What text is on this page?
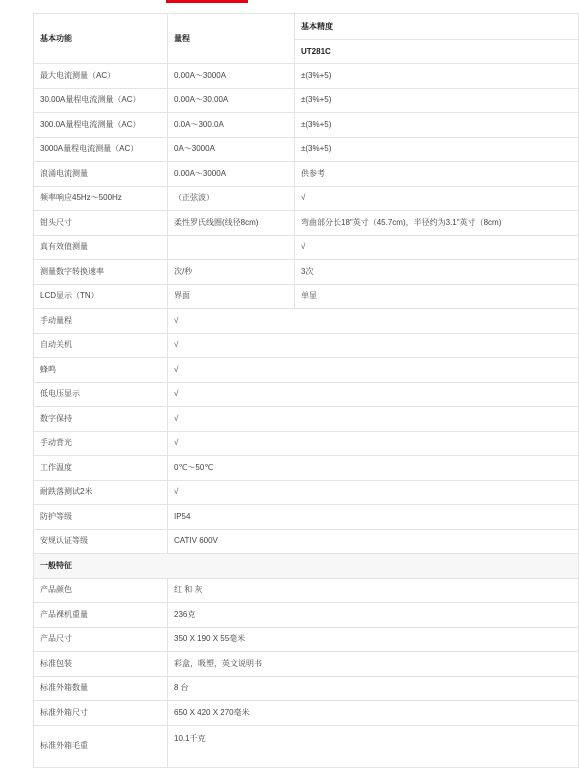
基本功能	量程	基本精度
		UT281C
最大电流测量（AC）	0.00A～3000A	±(3%+5)
30.00A量程电流测量（AC）	0.00A～30.00A	±(3%+5)
300.0A量程电流测量（AC）	0.0A～300.0A	±(3%+5)
3000A量程电流测量（AC）	0A～3000A	±(3%+5)
浪涌电流测量	0.00A～3000A	供参考
频率响应45Hz～500Hz	（正弦波）	√
钳头尺寸	柔性罗氏线圈(线径8cm)	弯曲部分长18"英寸（45.7cm)，半径约为3.1"英寸（8cm)
真有效值测量		√
测量数字转换速率	次/秒	3次
LCD显示（TN）	界面	单显
手动量程	√	
自动关机	√	
蜂鸣	√	
低电压显示	√	
数字保持	√	
手动背光	√	
工作温度	0℃～50℃	
耐跌落测试2米	√	
防护等级	IP54	
安规认证等级	CATIV 600V	
一般特征		
产品颜色	红 和 灰	
产品裸机重量	236克	
产品尺寸	350 X 190 X 55毫米	
标准包装	彩盒，吸塑，英文说明书	
标准外箱数量	8 台	
标准外箱尺寸	650 X 420 X 270毫米	
标准外箱毛重	10.1千克	
